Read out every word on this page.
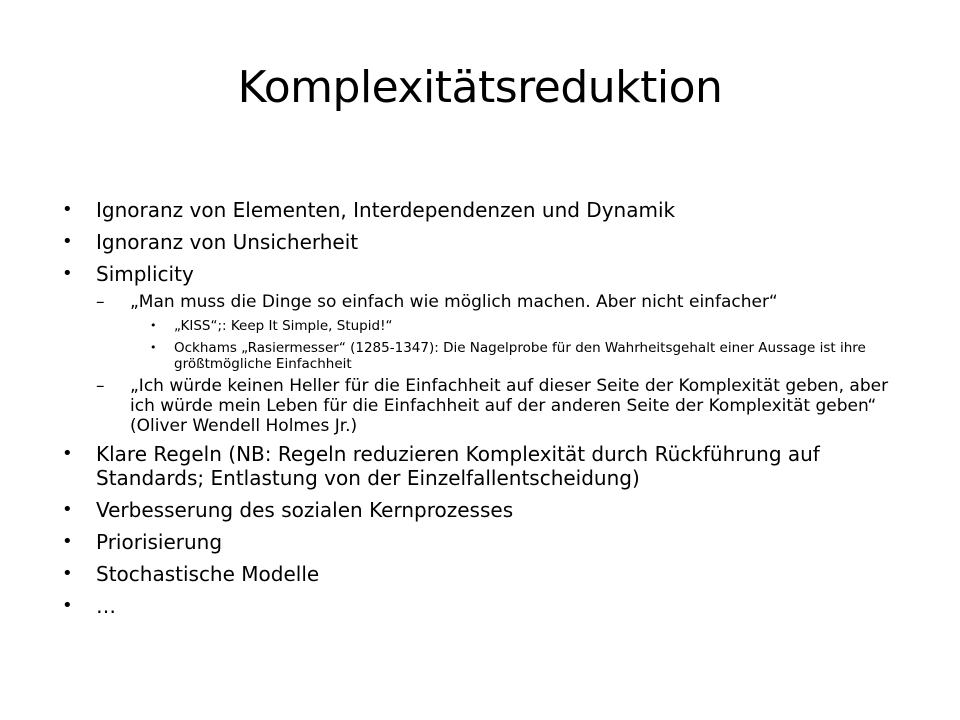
Komplexitätsreduktion
• Ignoranz von Elementen, Interdependenzen und Dynamik
• Ignoranz von Unsicherheit
• Simplicity
– „Man muss die Dinge so einfach wie möglich machen. Aber nicht einfacher“
• „KISS“;: Keep It Simple, Stupid!“
• Ockhams „Rasiermesser“ (1285-1347): Die Nagelprobe für den Wahrheitsgehalt einer Aussage ist ihre größtmögliche Einfachheit
– „Ich würde keinen Heller für die Einfachheit auf dieser Seite der Komplexität geben, aber ich würde mein Leben für die Einfachheit auf der anderen Seite der Komplexität geben“ (Oliver Wendell Holmes Jr.)
• Klare Regeln (NB: Regeln reduzieren Komplexität durch Rückführung auf Standards; Entlastung von der Einzelfallentscheidung)
• Verbesserung des sozialen Kernprozesses
• Priorisierung
• Stochastische Modelle
• …
